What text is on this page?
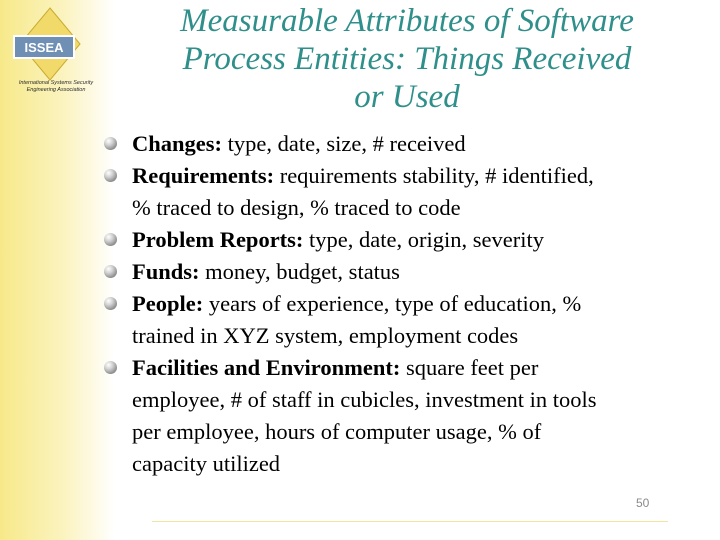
ISSEA
International Systems Security
Engineering Association
Measurable Attributes of Software
Process Entities: Things Received
or Used
Changes: type, date, size, # received
Requirements: requirements stability, # identified,
% traced to design, % traced to code
Problem Reports: type, date, origin, severity
Funds: money, budget, status
People: years of experience, type of education, %
trained in XYZ system, employment codes
Facilities and Environment: square feet per
employee, # of staff in cubicles, investment in tools
per employee, hours of computer usage, % of
capacity utilized
50
